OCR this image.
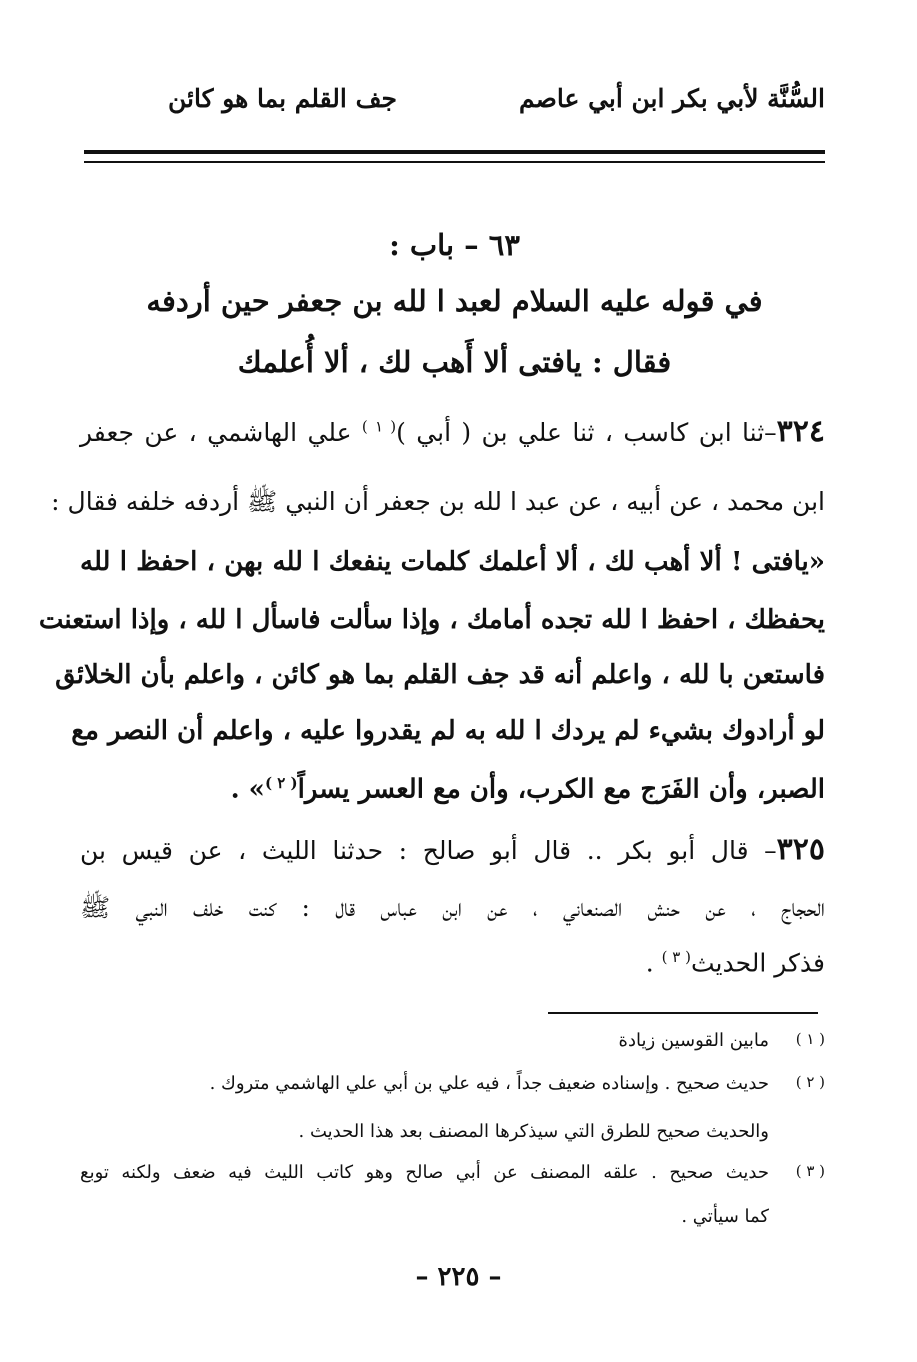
السُّنَّة لأبي بكر ابن أبي عاصم
جف القلم بما هو كائن
٦٣ – باب :
في قوله عليه السلام لعبد ا لله بن جعفر حين أردفه
فقال : يافتى ألا أَهب لك ، ألا أُعلمك
٣٢٤–ثنا ابن كاسب ، ثنا علي بن ( أبي )$^{( ١ )}$ علي الهاشمي ، عن جعفر
ابن محمد ، عن أبيه ، عن عبد ا لله بن جعفر أن النبي ﷺ أردفه خلفه فقال :
«يافتى ! ألا أهب لك ، ألا أعلمك كلمات ينفعك ا لله بهن ، احفظ ا لله
يحفظك ، احفظ ا لله تجده أمامك ، وإذا سألت فاسأل ا لله ، وإذا استعنت
فاستعن با لله ، واعلم أنه قد جف القلم بما هو كائن ، واعلم بأن الخلائق
لو أرادوك بشيء لم يردك ا لله به لم يقدروا عليه ، واعلم أن النصر مع
الصبر، وأن الفَرَج مع الكرب، وأن مع العسر يسراً$^{( ٢ )}$» .
٣٢٥– قال أبو بكر .. قال أبو صالح : حدثنا الليث ، عن قيس بن
الحجاج ، عن حنش الصنعاني ، عن ابن عباس قال : كنت خلف النبي ﷺ
فذكر الحديث$^{( ٣ )}$ .
( ١ )
مابين القوسين زيادة
( ٢ )
حديث صحيح . وإسناده ضعيف جداً ، فيه علي بن أبي علي الهاشمي متروك .
والحديث صحيح للطرق التي سيذكرها المصنف بعد هذا الحديث .
( ٣ )
حديث صحيح . علقه المصنف عن أبي صالح وهو كاتب الليث فيه ضعف ولكنه توبع
كما سيأتي .
– ٢٢٥ –
